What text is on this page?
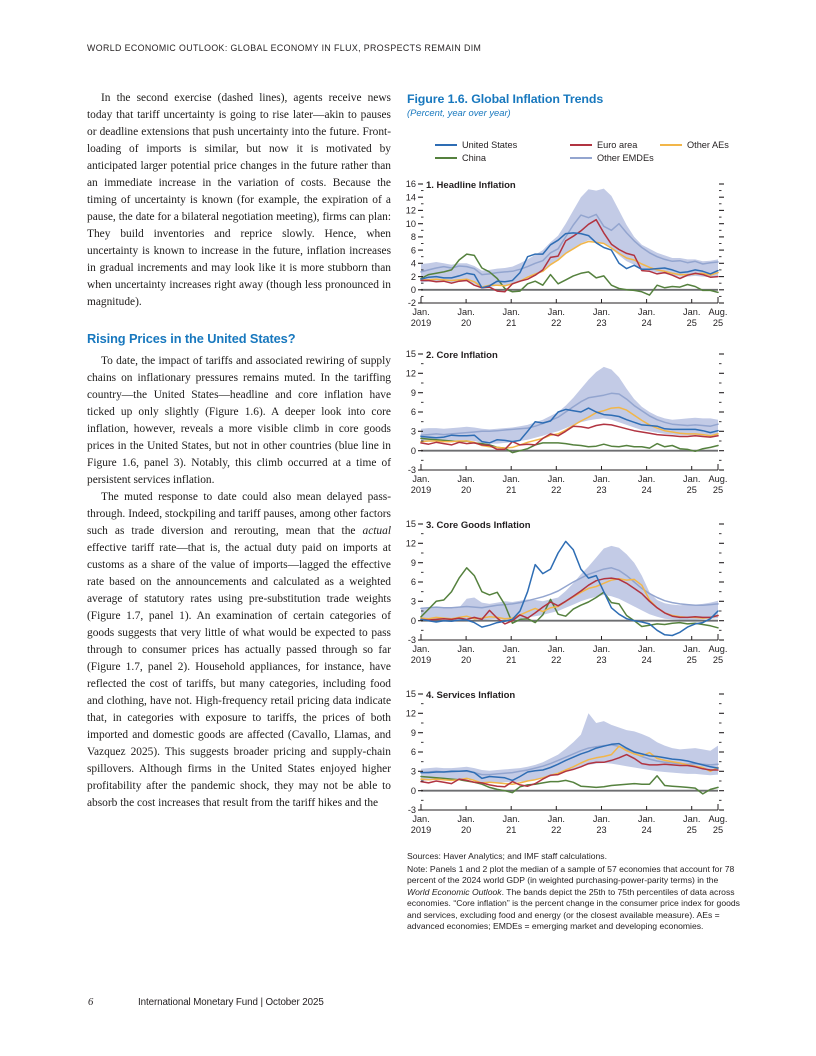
WORLD ECONOMIC OUTLOOK: GLOBAL ECONOMY IN FLUX, PROSPECTS REMAIN DIM

In the second exercise (dashed lines), agents receive news today that tariff uncertainty is going to rise later—akin to pauses or deadline extensions that push uncertainty into the future. Front-loading of imports is similar, but now it is motivated by anticipated larger potential price changes in the future rather than an immediate increase in the variation of costs. Because the timing of uncertainty is known (for example, the expiration of a pause, the date for a bilateral negotiation meeting), firms can plan: They build inventories and reprice slowly. Hence, when uncertainty is known to increase in the future, inflation increases in gradual increments and may look like it is more stubborn than when uncertainty increases right away (though less pronounced in magnitude).

Rising Prices in the United States?

To date, the impact of tariffs and associated rewiring of supply chains on inflationary pressures remains muted. In the tariffing country—the United States—headline and core inflation have ticked up only slightly (Figure 1.6). A deeper look into core inflation, however, reveals a more visible climb in core goods prices in the United States, but not in other countries (blue line in Figure 1.6, panel 3). Notably, this climb occurred at a time of persistent services inflation.

The muted response to date could also mean delayed pass-through. Indeed, stockpiling and tariff pauses, among other factors such as trade diversion and rerouting, mean that the actual effective tariff rate—that is, the actual duty paid on imports at customs as a share of the value of imports—lagged the effective rate based on the announcements and calculated as a weighted average of statutory rates using pre-substitution trade weights (Figure 1.7, panel 1). An examination of certain categories of goods suggests that very little of what would be expected to pass through to consumer prices has actually passed through so far (Figure 1.7, panel 2). Household appliances, for instance, have reflected the cost of tariffs, but many categories, including food and clothing, have not. High-frequency retail pricing data indicate that, in categories with exposure to tariffs, the prices of both imported and domestic goods are affected (Cavallo, Llamas, and Vazquez 2025). This suggests broader pricing and supply-chain spillovers. Although firms in the United States enjoyed higher profitability after the pandemic shock, they may not be able to absorb the cost increases that result from the tariff hikes and the

Figure 1.6. Global Inflation Trends
(Percent, year over year)
United States	Euro area	Other AEs
China	Other EMDEs
-2
0
2
4
6
8
10
12
14
16
Jan.
2019
Jan.
20
Jan.
21
Jan.
22
Jan.
23
Jan.
24
Jan.
25
Aug.
25
1. Headline Inflation
-3
0
3
6
9
12
15
Jan.
2019
Jan.
20
Jan.
21
Jan.
22
Jan.
23
Jan.
24
Jan.
25
Aug.
25
2. Core Inflation
-3
0
3
6
9
12
15
Jan.
2019
Jan.
20
Jan.
21
Jan.
22
Jan.
23
Jan.
24
Jan.
25
Aug.
25
3. Core Goods Inflation
-3
0
3
6
9
12
15
Jan.
2019
Jan.
20
Jan.
21
Jan.
22
Jan.
23
Jan.
24
Jan.
25
Aug.
25
4. Services Inflation
Sources: Haver Analytics; and IMF staff calculations.
Note: Panels 1 and 2 plot the median of a sample of 57 economies that account for 78 percent of the 2024 world GDP (in weighted purchasing-power-parity terms) in the World Economic Outlook. The bands depict the 25th to 75th percentiles of data across economies. “Core inflation” is the percent change in the consumer price index for goods and services, excluding food and energy (or the closest available measure). AEs = advanced economies; EMDEs = emerging market and developing economies.
6	International Monetary Fund | October 2025
